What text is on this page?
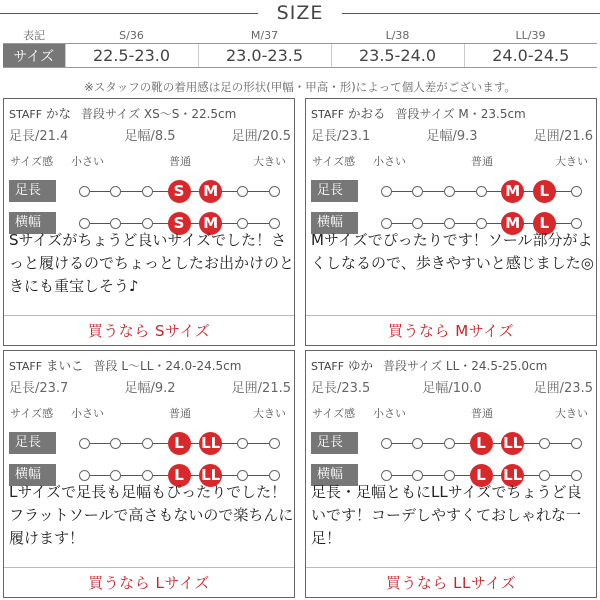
SIZE
表記	S/36	M/37	L/38	LL/39
サイズ	22.5-23.0	23.0-23.5	23.5-24.0	24.0-24.5
※スタッフの靴の着用感は足の形状(甲幅・甲高・形)によって個人差がございます。
STAFF かな 普段サイズ XS〜S・22.5cm
足長/21.4	足幅/8.5	足囲/20.5
サイズ感 小さい	普通	大きい
足長	S	M
横幅	S	M
Sサイズがちょうど良いサイズでした！さっと履けるのでちょっとしたお出かけのときにも重宝しそう♪
買うなら Sサイズ
STAFF かおる 普段サイズ M・23.5cm
足長/23.1	足幅/9.3	足囲/21.6
サイズ感 小さい	普通	大きい
足長	M	L
横幅	M	L
Mサイズでぴったりです！ソール部分がよくしなるので、歩きやすいと感じました◎
買うなら Mサイズ
STAFF まいこ 普段 L〜LL・24.0-24.5cm
足長/23.7	足幅/9.2	足囲/21.5
サイズ感 小さい	普通	大きい
足長	L	LL
横幅	L	LL
Lサイズで足長も足幅もぴったりでした！フラットソールで高さもないので楽ちんに履けます！
買うなら Lサイズ
STAFF ゆか 普段サイズ LL・24.5-25.0cm
足長/23.5	足幅/10.0	足囲/23.5
サイズ感 小さい	普通	大きい
足長	L	LL
横幅	L	LL
足長・足幅ともにLLサイズでちょうど良いです！コーデしやすくておしゃれな一足！
買うなら LLサイズ
